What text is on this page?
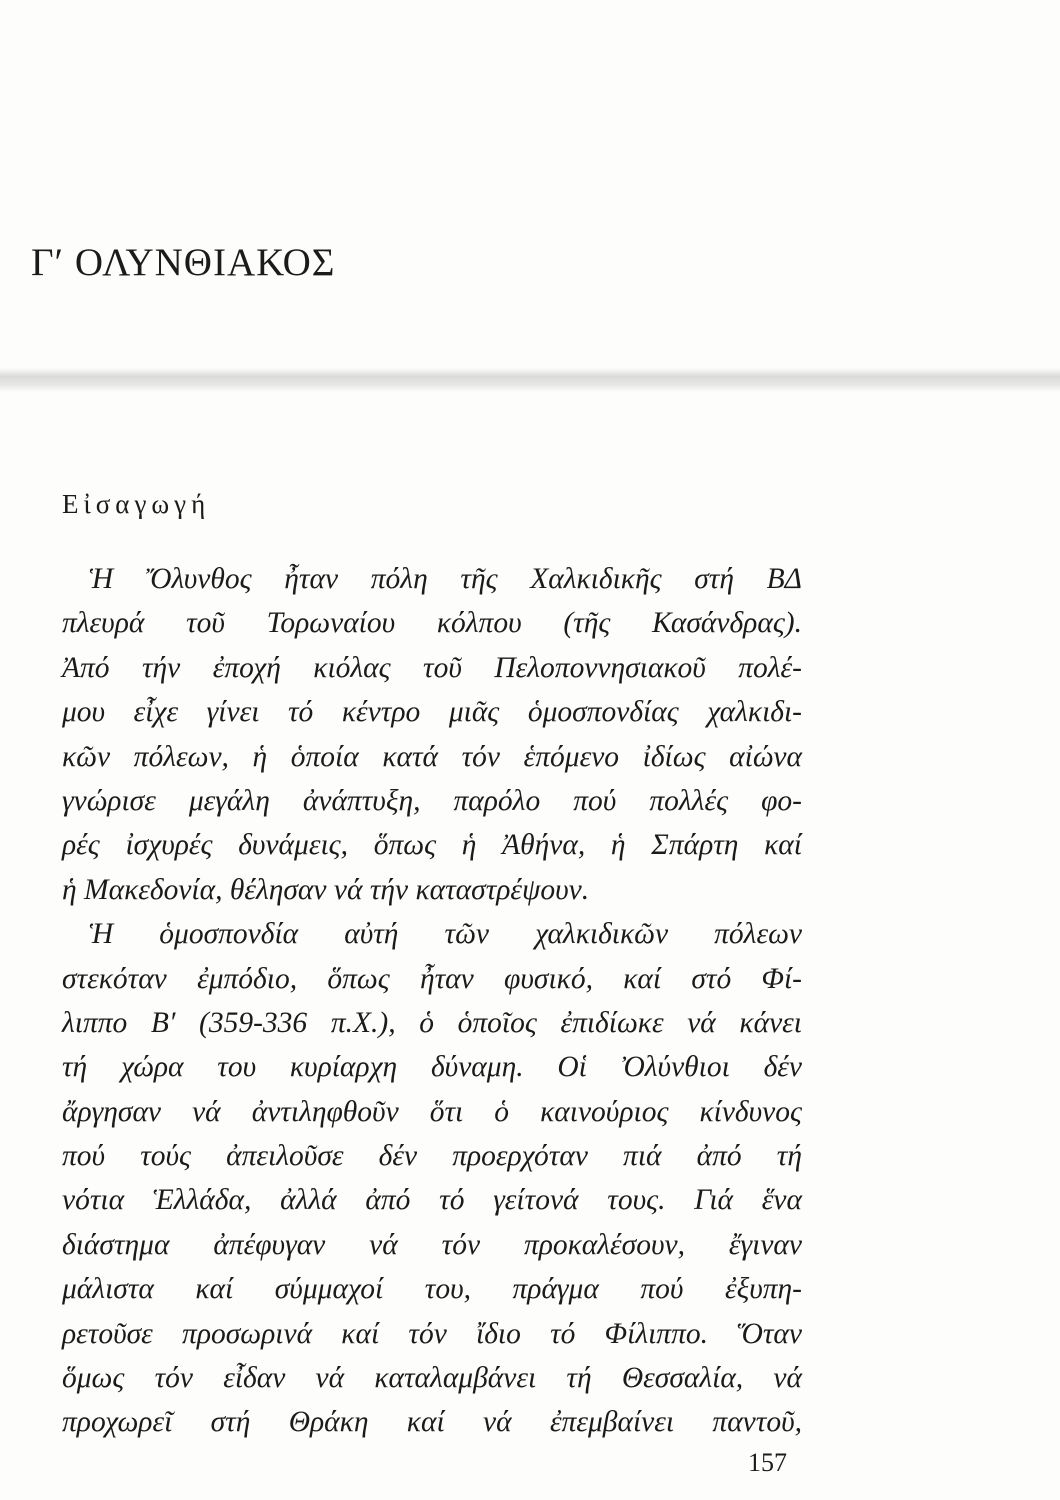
Γ′ ΟΛΥΝΘΙΑΚΟΣ
Εἰσαγωγή
Ἡ Ὄλυνθος ἦταν πόλη τῆς Χαλκιδικῆς στή ΒΔ
πλευρά τοῦ Τορωναίου κόλπου (τῆς Κασάνδρας).
Ἀπό τήν ἐποχή κιόλας τοῦ Πελοποννησιακοῦ πολέ-
μου εἶχε γίνει τό κέντρο μιᾶς ὁμοσπονδίας χαλκιδι-
κῶν πόλεων, ἡ ὁποία κατά τόν ἑπόμενο ἰδίως αἰώνα
γνώρισε μεγάλη ἀνάπτυξη, παρόλο πού πολλές φο-
ρές ἰσχυρές δυνάμεις, ὅπως ἡ Ἀθήνα, ἡ Σπάρτη καί
ἡ Μακεδονία, θέλησαν νά τήν καταστρέψουν.
Ἡ ὁμοσπονδία αὐτή τῶν χαλκιδικῶν πόλεων
στεκόταν ἐμπόδιο, ὅπως ἦταν φυσικό, καί στό Φί-
λιππο Β′ (359-336 π.Χ.), ὁ ὁποῖος ἐπιδίωκε νά κάνει
τή χώρα του κυρίαρχη δύναμη. Οἱ Ὀλύνθιοι δέν
ἄργησαν νά ἀντιληφθοῦν ὅτι ὁ καινούριος κίνδυνος
πού τούς ἀπειλοῦσε δέν προερχόταν πιά ἀπό τή
νότια Ἑλλάδα, ἀλλά ἀπό τό γείτονά τους. Γιά ἕνα
διάστημα ἀπέφυγαν νά τόν προκαλέσουν, ἔγιναν
μάλιστα καί σύμμαχοί του, πράγμα πού ἐξυπη-
ρετοῦσε προσωρινά καί τόν ἴδιο τό Φίλιππο. Ὅταν
ὅμως τόν εἶδαν νά καταλαμβάνει τή Θεσσαλία, νά
προχωρεῖ στή Θράκη καί νά ἐπεμβαίνει παντοῦ,
157
